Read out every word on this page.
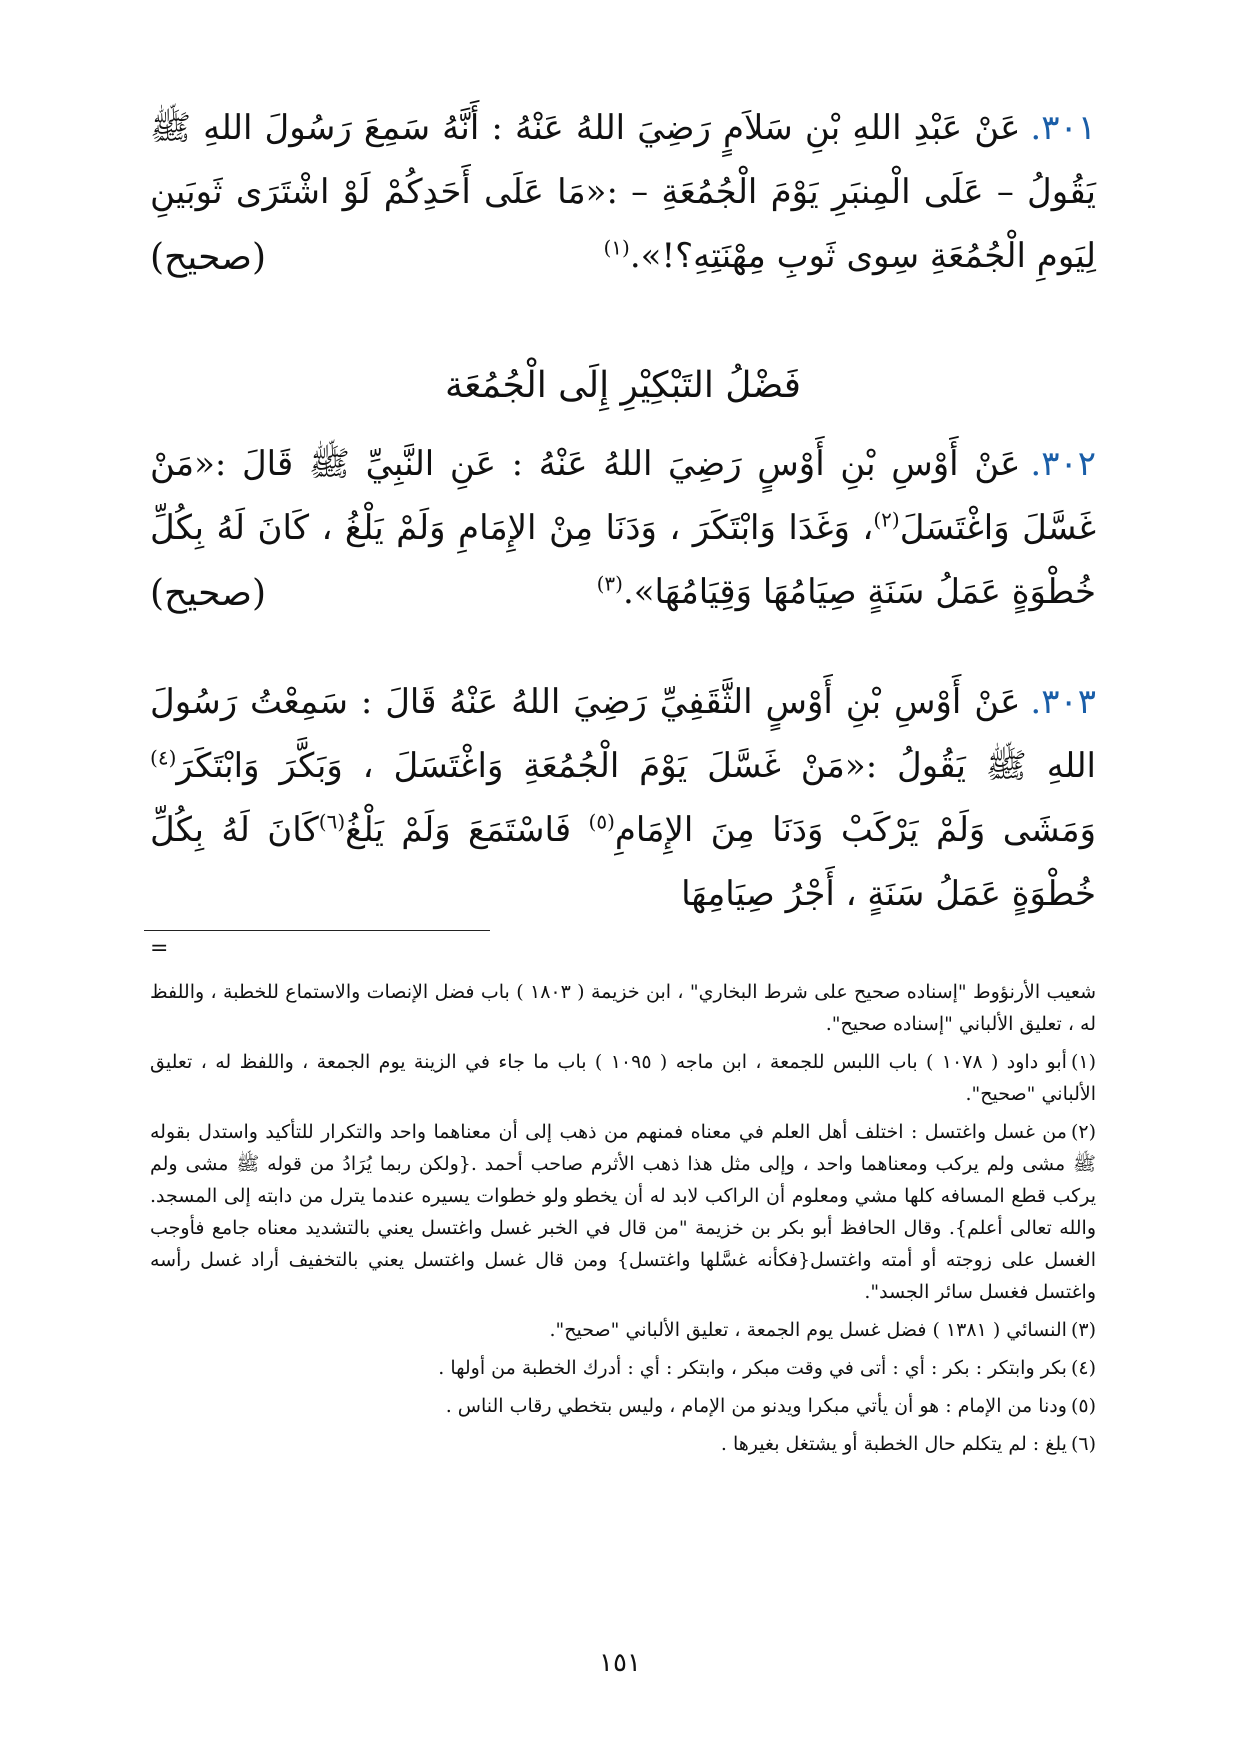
٣٠١.عَنْ عَبْدِ اللهِ بْنِ سَلاَمٍ رَضِيَ اللهُ عَنْهُ : أَنَّهُ سَمِعَ رَسُولَ اللهِ ﷺ يَقُولُ – عَلَى الْمِنبَرِ يَوْمَ الْجُمُعَةِ – :«مَا عَلَى أَحَدِكُمْ لَوْ اشْتَرَى ثَوبَينِ لِيَومِ الْجُمُعَةِ سِوى ثَوبِ مِهْنَتِهِ؟!».$^{(١)}$
(صحيح)
فَضْلُ التَبْكِيْرِ إِلَى الْجُمُعَة
٣٠٢.عَنْ أَوْسِ بْنِ أَوْسٍ رَضِيَ اللهُ عَنْهُ : عَنِ النَّبِيِّ ﷺ قَالَ :«مَنْ غَسَّلَ وَاغْتَسَلَ$^{(٢)}$، وَغَدَا وَابْتَكَرَ ، وَدَنَا مِنْ الإِمَامِ وَلَمْ يَلْغُ ، كَانَ لَهُ بِكُلِّ خُطْوَةٍ عَمَلُ سَنَةٍ صِيَامُهَا وَقِيَامُهَا».$^{(٣)}$
(صحيح)
٣٠٣.عَنْ أَوْسِ بْنِ أَوْسٍ الثَّقَفِيِّ رَضِيَ اللهُ عَنْهُ قَالَ : سَمِعْتُ رَسُولَ اللهِ ﷺ يَقُولُ :«مَنْ غَسَّلَ يَوْمَ الْجُمُعَةِ وَاغْتَسَلَ ، وَبَكَّرَ وَابْتَكَرَ$^{(٤)}$ وَمَشَى وَلَمْ يَرْكَبْ وَدَنَا مِنَ الإِمَامِ$^{(٥)}$ فَاسْتَمَعَ وَلَمْ يَلْغُ$^{(٦)}$كَانَ لَهُ بِكُلِّ خُطْوَةٍ عَمَلُ سَنَةٍ ، أَجْرُ صِيَامِهَا
=

شعيب الأرنؤوط "إسناده صحيح على شرط البخاري" ، ابن خزيمة ( ١٨٠٣ ) باب فضل الإنصات والاستماع للخطبة ، واللفظ له ، تعليق الألباني "إسناده صحيح".

(١)أبو داود ( ١٠٧٨ ) باب اللبس للجمعة ، ابن ماجه ( ١٠٩٥ ) باب ما جاء في الزينة يوم الجمعة ، واللفظ له ، تعليق الألباني "صحيح".

(٢)من غسل واغتسل : اختلف أهل العلم في معناه فمنهم من ذهب إلى أن معناهما واحد والتكرار للتأكيد واستدل بقوله ﷺ مشى ولم يركب ومعناهما واحد ، وإلى مثل هذا ذهب الأثرم صاحب أحمد .{ولكن ربما يُرَادُ من قوله ﷺ مشى ولم يركب قطع المسافه كلها مشي ومعلوم أن الراكب لابد له أن يخطو ولو خطوات يسيره عندما يترل من دابته إلى المسجد. والله تعالى أعلم}. وقال الحافظ أبو بكر بن خزيمة "من قال في الخبر غسل واغتسل يعني بالتشديد معناه جامع فأوجب الغسل على زوجته أو أمته واغتسل{فكأنه غسَّلها واغتسل} ومن قال غسل واغتسل يعني بالتخفيف أراد غسل رأسه واغتسل فغسل سائر الجسد".

(٣)النسائي ( ١٣٨١ ) فضل غسل يوم الجمعة ، تعليق الألباني "صحيح".

(٤)بكر وابتكر : بكر : أي : أتى في وقت مبكر ، وابتكر : أي : أدرك الخطبة من أولها .

(٥)ودنا من الإمام : هو أن يأتي مبكرا ويدنو من الإمام ، وليس بتخطي رقاب الناس .

(٦)يلغ : لم يتكلم حال الخطبة أو يشتغل بغيرها .

١٥١
